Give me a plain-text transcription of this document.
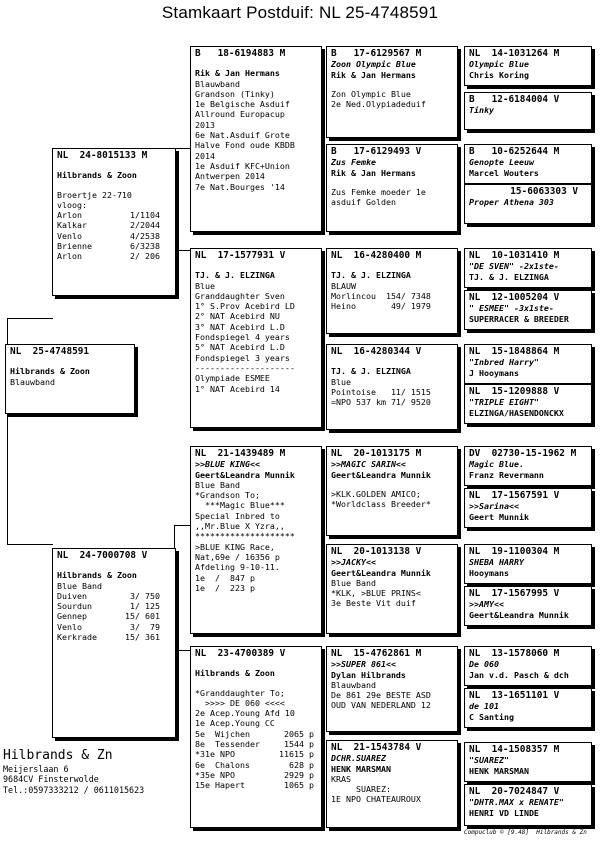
Stamkaart Postduif: NL 25-4748591
NL  25-4748591
Hilbrands & Zoon
Blauwband
NL  24-8015133 M
Hilbrands & Zoon
Broertje 22-710
vloog:
Arlon	1/1104
Kalkar	2/2044
Venlo	4/2538
Brienne	6/3238
Arlon	2/ 206
NL  24-7000708 V
Hilbrands & Zoon
Blue Band
Duiven	3/ 750
Sourdun	1/ 125
Gennep	15/ 601
Venlo	3/  79
Kerkrade	15/ 361
B   18-6194883 M
Rik & Jan Hermans
Blauwband
Grandson (Tinky)
1e Belgische Asduif
Allround Europacup
2013
6e Nat.Asduif Grote
Halve Fond oude KBDB
2014
1e Asduif KFC+Union
Antwerpen 2014
7e Nat.Bourges '14
NL  17-1577931 V
TJ. & J. ELZINGA
Blue
Granddaughter Sven
1° S.Prov Acebird LD
2° NAT Acebird NU
3° NAT Acebird L.D
Fondspiegel 4 years
5° NAT Acebird L.D
Fondspiegel 3 years
--------------------
Olympiade ESMEE
1° NAT Acebird 14
NL  21-1439489 M
>>BLUE KING<<
Geert&Leandra Munnik
Blue Band
*Grandson To;
***Magic Blue***
Special Inbred to
,,Mr.Blue X Yzra,,
********************
>BLUE KING Race,
Nat,69e / 16356 p
Afdeling 9-10-11.
1e  /  847 p
1e  /  223 p
NL  23-4700389 V
Hilbrands & Zoon
*Granddaughter To;
>>>> DE 060 <<<<
2e Acep.Young Afd 10
1e Acep.Young CC
5e  Wijchen	2065 p
8e  Tessender	1544 p
*31e NPO	11615 p
6e  Chalons	628 p
*35e NPO	2929 p
15e Hapert	1065 p
B   17-6129567 M
Zoon Olympic Blue
Rik & Jan Hermans
Zon Olympic Blue
2e Ned.Olypiadeduif
B   17-6129493 V
Zus Femke
Rik & Jan Hermans
Zus Femke moeder 1e
asduif Golden
NL  16-4280400 M
TJ. & J. ELZINGA
BLAUW
Morlincou  154/ 7348
Heino       49/ 1979
NL  16-4280344 V
TJ. & J. ELZINGA
Blue
Pointoise   11/ 1515
=NPO 537 km 71/ 9520
NL  20-1013175 M
>>MAGIC SARIN<<
Geert&Leandra Munnik
>KLK.GOLDEN AMICO;
*Worldclass Breeder*
NL  20-1013138 V
>>JACKY<<
Geert&Leandra Munnik
Blue Band
*KLK, >BLUE PRINS<
3e Beste Vit duif
NL  15-4762861 M
>>SUPER 861<<
Dylan Hilbrands
Blauwband
De 861 29e BESTE ASD
OUD VAN NEDERLAND 12
NL  21-1543784 V
DCHR.SUAREZ
HENK MARSMAN
KRAS
SUAREZ:
1E NPO CHATEAUROUX
NL  14-1031264 M
Olympic Blue
Chris Koring
B   12-6184004 V
Tinky
B   10-6252644 M
Genopte Leeuw
Marcel Wouters
15-6063303 V
Proper Athena 303
NL  10-1031410 M
"DE SVEN" -2x1ste-
TJ. & J. ELZINGA
NL  12-1005204 V
" ESMEE" -3x1ste-
SUPERRACER & BREEDER
NL  15-1848864 M
"Inbred Harry"
J Hooymans
NL  15-1209888 V
"TRIPLE EIGHT"
ELZINGA/HASENDONCKX
DV  02730-15-1962 M
Magic Blue.
Franz Revermann
NL  17-1567591 V
>>Sarina<<
Geert Munnik
NL  19-1100304 M
SHEBA HARRY
Hooymans
NL  17-1567995 V
>>AMY<<
Geert&Leandra Munnik
NL  13-1578060 M
De 060
Jan v.d. Pasch & dch
NL  13-1651101 V
de 101
C Santing
NL  14-1508357 M
"SUAREZ"
HENK MARSMAN
NL  20-7024847 V
"DHTR.MAX x RENATE"
HENRI VD LINDE
Hilbrands & Zn
Meijerslaan 6
9684CV Finsterwolde
Tel.:0597333212 / 0611015623
Compuclub © [9.48]  Hilbrands & Zn
